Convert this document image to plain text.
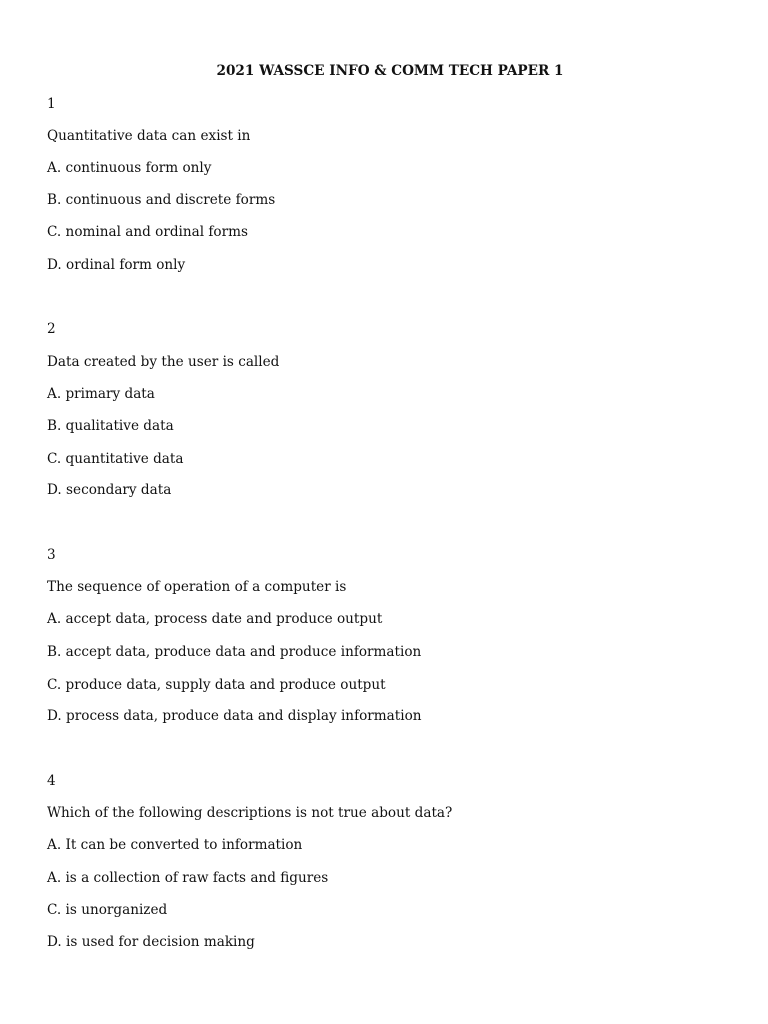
2021 WASSCE INFO & COMM TECH PAPER 1
1
Quantitative data can exist in
A. continuous form only
B. continuous and discrete forms
C. nominal and ordinal forms
D. ordinal form only
2
Data created by the user is called
A. primary data
B. qualitative data
C. quantitative data
D. secondary data
3
The sequence of operation of a computer is
A. accept data, process date and produce output
B. accept data, produce data and produce information
C. produce data, supply data and produce output
D. process data, produce data and display information
4
Which of the following descriptions is not true about data?
A. It can be converted to information
A. is a collection of raw facts and figures
C. is unorganized
D. is used for decision making
